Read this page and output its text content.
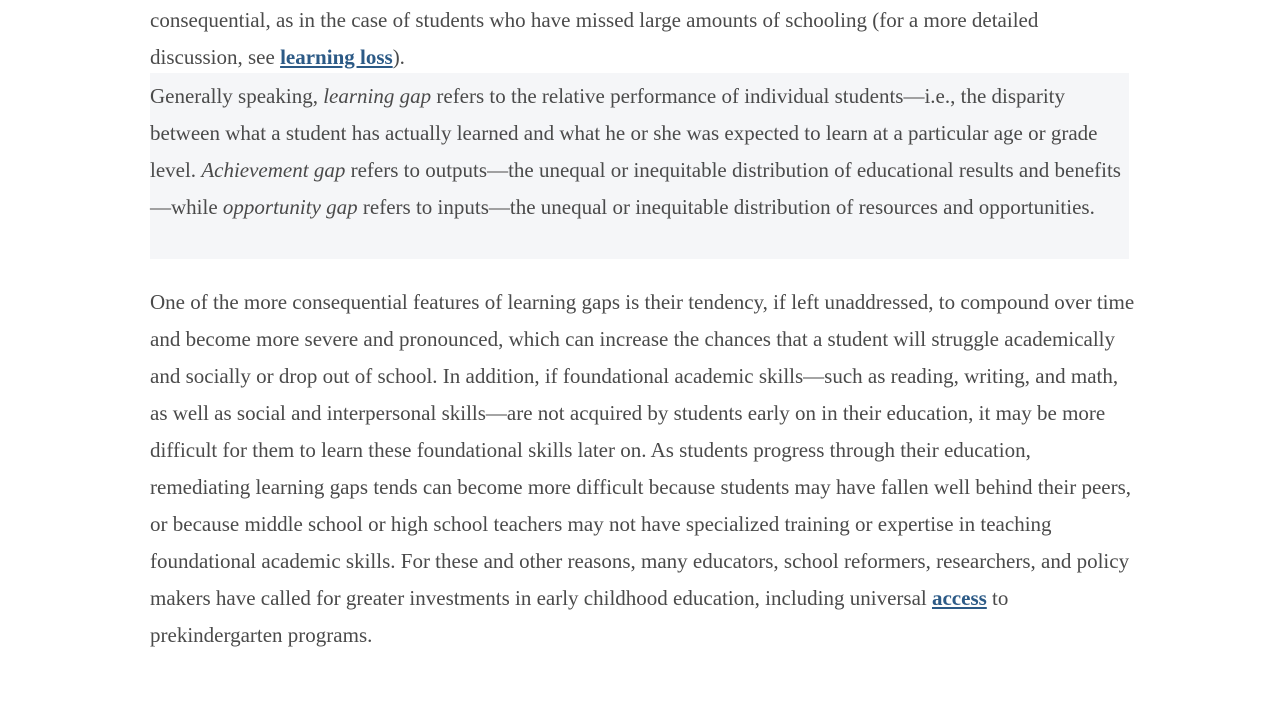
consequential, as in the case of students who have missed large amounts of schooling (for a more detailed discussion, see learning loss).

Generally speaking, learning gap refers to the relative performance of individual students—i.e., the disparity between what a student has actually learned and what he or she was expected to learn at a particular age or grade level. Achievement gap refers to outputs—the unequal or inequitable distribution of educational results and benefits—while opportunity gap refers to inputs—the unequal or inequitable distribution of resources and opportunities.

One of the more consequential features of learning gaps is their tendency, if left unaddressed, to compound over time and become more severe and pronounced, which can increase the chances that a student will struggle academically and socially or drop out of school. In addition, if foundational academic skills—such as reading, writing, and math, as well as social and interpersonal skills—are not acquired by students early on in their education, it may be more difficult for them to learn these foundational skills later on. As students progress through their education, remediating learning gaps tends can become more difficult because students may have fallen well behind their peers, or because middle school or high school teachers may not have specialized training or expertise in teaching foundational academic skills. For these and other reasons, many educators, school reformers, researchers, and policy makers have called for greater investments in early childhood education, including universal access to prekindergarten programs.
